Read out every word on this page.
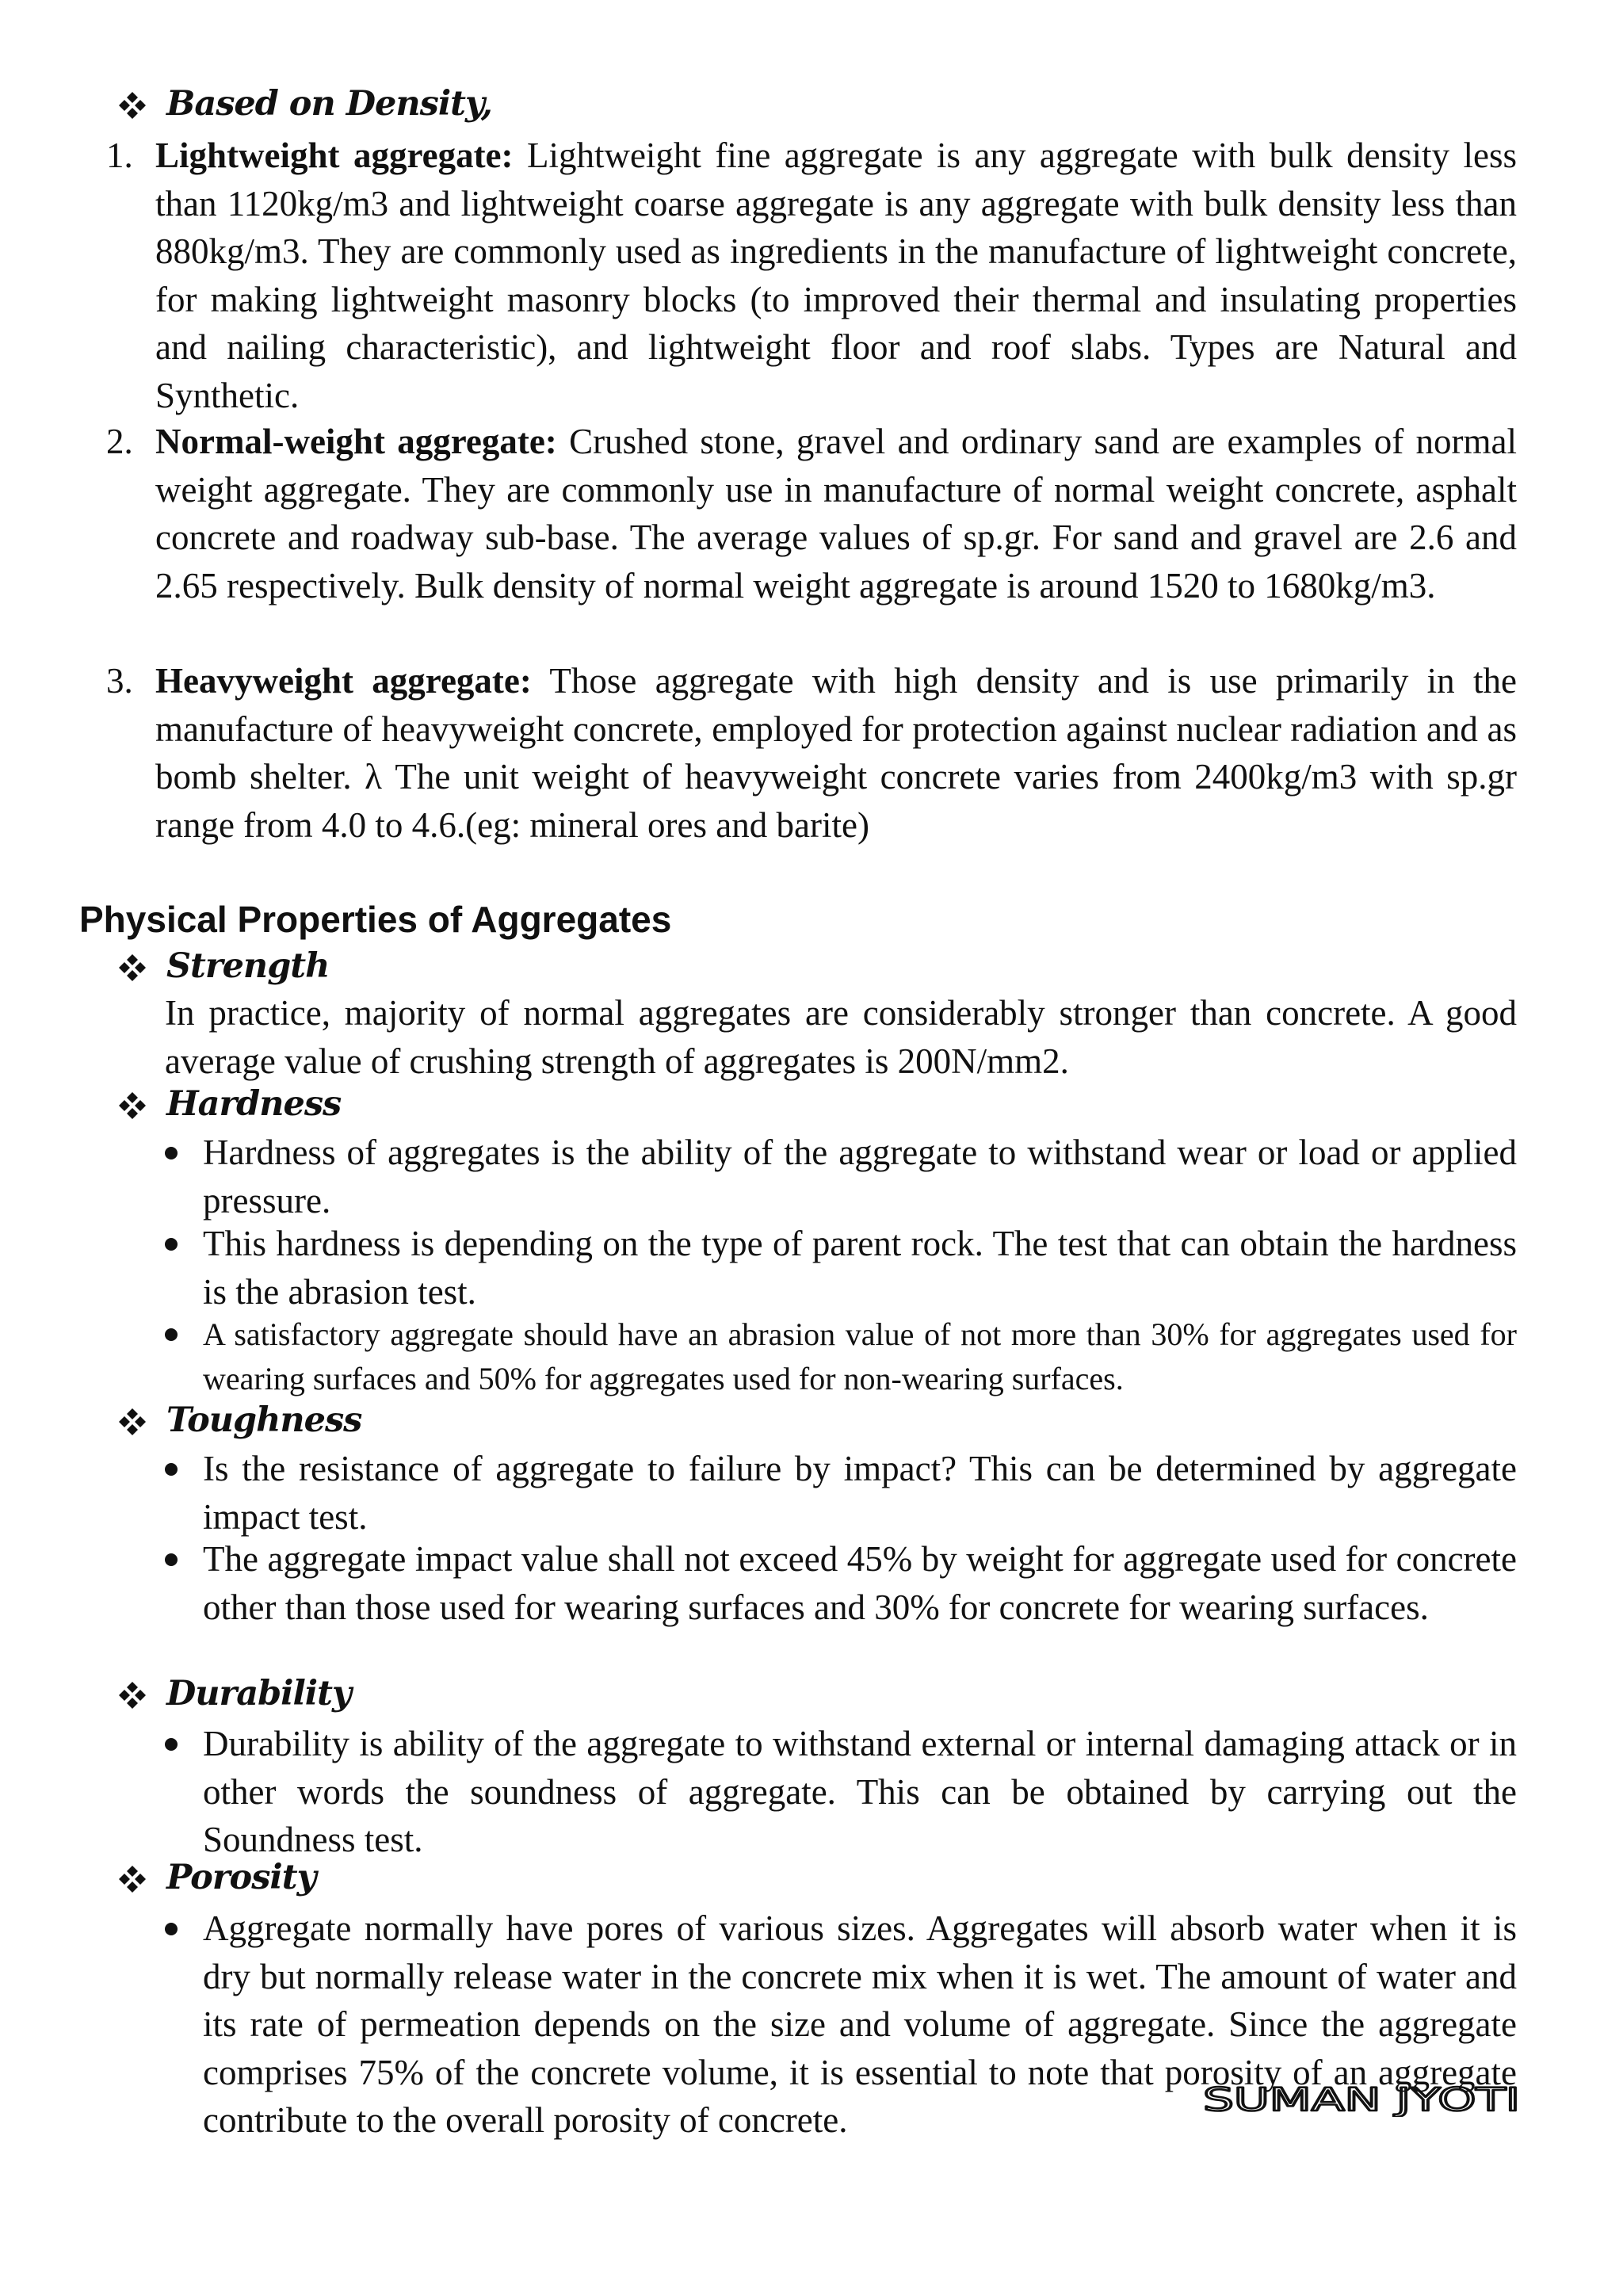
Based on Density,
1. Lightweight aggregate: Lightweight fine aggregate is any aggregate with bulk density less than 1120kg/m3 and lightweight coarse aggregate is any aggregate with bulk density less than 880kg/m3. They are commonly used as ingredients in the manufacture of lightweight concrete, for making lightweight masonry blocks (to improved their thermal and insulating properties and nailing characteristic), and lightweight floor and roof slabs. Types are Natural and Synthetic.
2. Normal-weight aggregate: Crushed stone, gravel and ordinary sand are examples of normal weight aggregate. They are commonly use in manufacture of normal weight concrete, asphalt concrete and roadway sub-base. The average values of sp.gr. For sand and gravel are 2.6 and 2.65 respectively. Bulk density of normal weight aggregate is around 1520 to 1680kg/m3.
3. Heavyweight aggregate: Those aggregate with high density and is use primarily in the manufacture of heavyweight concrete, employed for protection against nuclear radiation and as bomb shelter. λ The unit weight of heavyweight concrete varies from 2400kg/m3 with sp.gr range from 4.0 to 4.6.(eg: mineral ores and barite)
Physical Properties of Aggregates
Strength
In practice, majority of normal aggregates are considerably stronger than concrete. A good average value of crushing strength of aggregates is 200N/mm2.
Hardness
Hardness of aggregates is the ability of the aggregate to withstand wear or load or applied pressure.
This hardness is depending on the type of parent rock. The test that can obtain the hardness is the abrasion test.
A satisfactory aggregate should have an abrasion value of not more than 30% for aggregates used for wearing surfaces and 50% for aggregates used for non-wearing surfaces.
Toughness
Is the resistance of aggregate to failure by impact? This can be determined by aggregate impact test.
The aggregate impact value shall not exceed 45% by weight for aggregate used for concrete other than those used for wearing surfaces and 30% for concrete for wearing surfaces.
Durability
Durability is ability of the aggregate to withstand external or internal damaging attack or in other words the soundness of aggregate. This can be obtained by carrying out the Soundness test.
Porosity
Aggregate normally have pores of various sizes. Aggregates will absorb water when it is dry but normally release water in the concrete mix when it is wet. The amount of water and its rate of permeation depends on the size and volume of aggregate. Since the aggregate comprises 75% of the concrete volume, it is essential to note that porosity of an aggregate contribute to the overall porosity of concrete.	SUMAN JYOTI
